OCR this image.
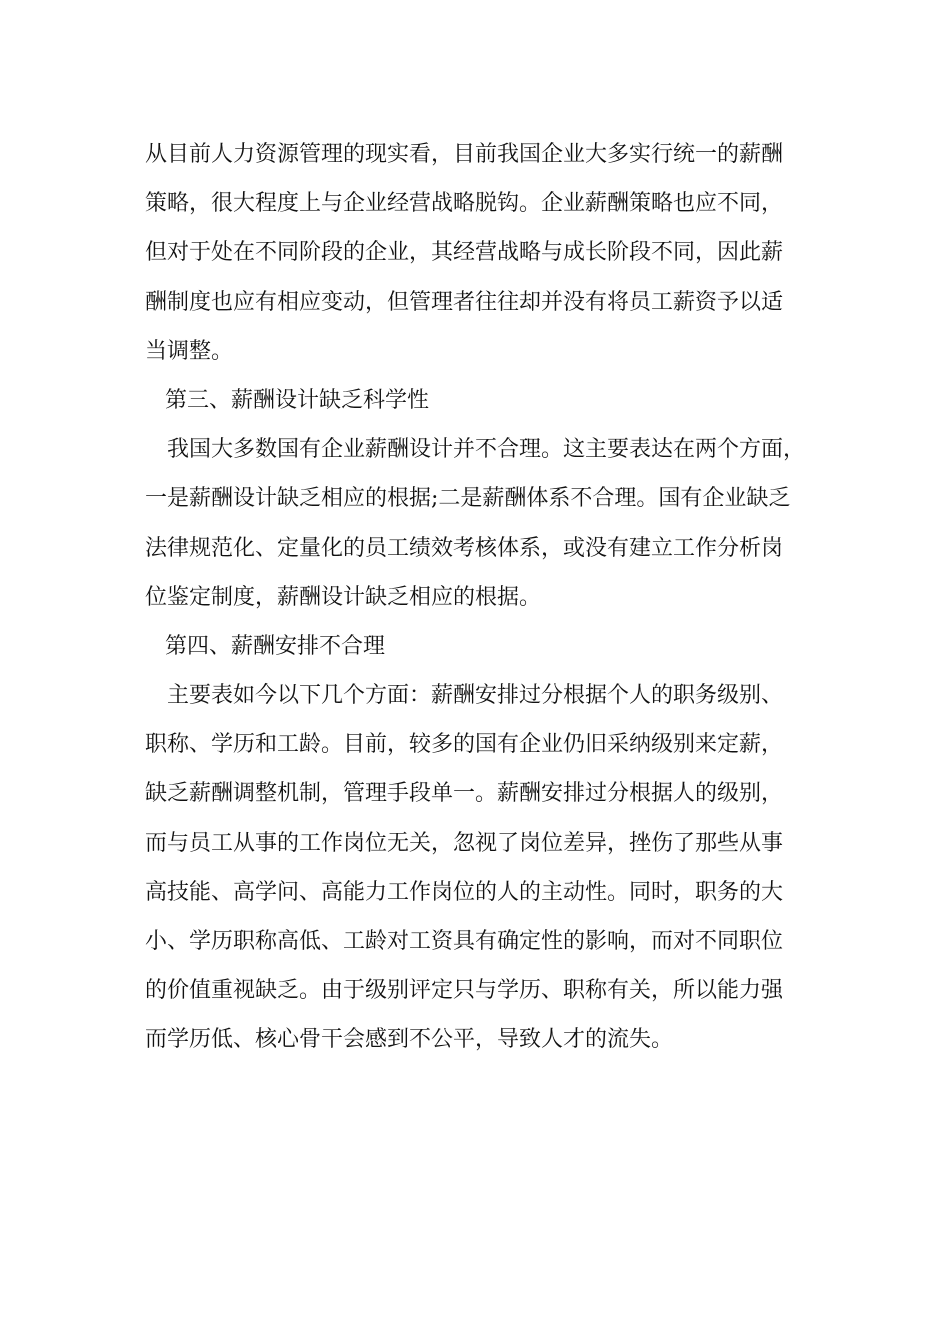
从目前人力资源管理的现实看，目前我国企业大多实行统一的薪酬
策略，很大程度上与企业经营战略脱钩。企业薪酬策略也应不同，
但对于处在不同阶段的企业，其经营战略与成长阶段不同，因此薪
酬制度也应有相应变动，但管理者往往却并没有将员工薪资予以适
当调整。
第三、薪酬设计缺乏科学性
我国大多数国有企业薪酬设计并不合理。这主要表达在两个方面，
一是薪酬设计缺乏相应的根据;二是薪酬体系不合理。国有企业缺乏
法律规范化、定量化的员工绩效考核体系，或没有建立工作分析岗
位鉴定制度，薪酬设计缺乏相应的根据。
第四、薪酬安排不合理
主要表如今以下几个方面：薪酬安排过分根据个人的职务级别、
职称、学历和工龄。目前，较多的国有企业仍旧采纳级别来定薪，
缺乏薪酬调整机制，管理手段单一。薪酬安排过分根据人的级别，
而与员工从事的工作岗位无关，忽视了岗位差异，挫伤了那些从事
高技能、高学问、高能力工作岗位的人的主动性。同时，职务的大
小、学历职称高低、工龄对工资具有确定性的影响，而对不同职位
的价值重视缺乏。由于级别评定只与学历、职称有关，所以能力强
而学历低、核心骨干会感到不公平，导致人才的流失。
